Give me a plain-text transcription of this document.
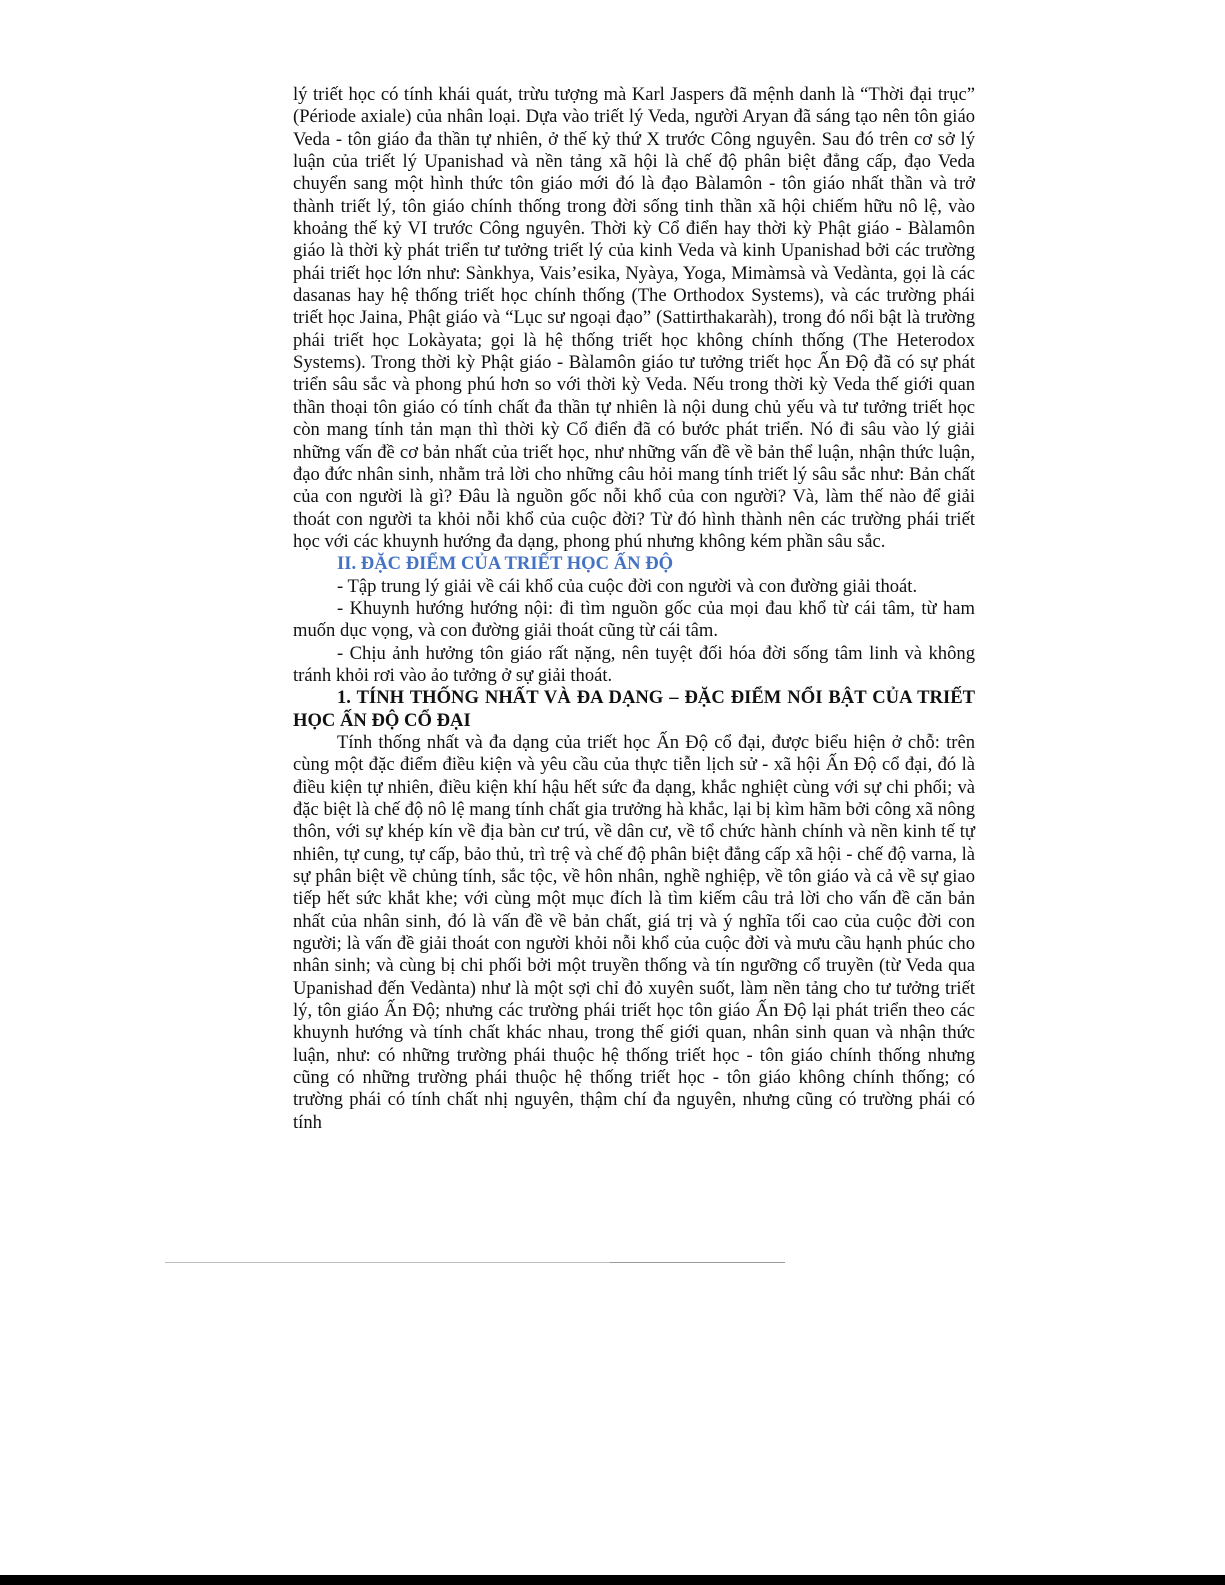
lý triết học có tính khái quát, trừu tượng mà Karl Jaspers đã mệnh danh là “Thời đại trục” (Période axiale) của nhân loại. Dựa vào triết lý Veda, người Aryan đã sáng tạo nên tôn giáo Veda - tôn giáo đa thần tự nhiên, ở thế kỷ thứ X trước Công nguyên. Sau đó trên cơ sở lý luận của triết lý Upanishad và nền tảng xã hội là chế độ phân biệt đẳng cấp, đạo Veda chuyển sang một hình thức tôn giáo mới đó là đạo Bàlamôn - tôn giáo nhất thần và trở thành triết lý, tôn giáo chính thống trong đời sống tinh thần xã hội chiếm hữu nô lệ, vào khoảng thế kỷ VI trước Công nguyên. Thời kỳ Cổ điển hay thời kỳ Phật giáo - Bàlamôn giáo là thời kỳ phát triển tư tưởng triết lý của kinh Veda và kinh Upanishad bởi các trường phái triết học lớn như: Sànkhya, Vais’esika, Nyàya, Yoga, Mimàmsà và Vedànta, gọi là các dasanas hay hệ thống triết học chính thống (The Orthodox Systems), và các trường phái triết học Jaina, Phật giáo và “Lục sư ngoại đạo” (Sattirthakaràh), trong đó nổi bật là trường phái triết học Lokàyata; gọi là hệ thống triết học không chính thống (The Heterodox Systems). Trong thời kỳ Phật giáo - Bàlamôn giáo tư tưởng triết học Ấn Độ đã có sự phát triển sâu sắc và phong phú hơn so với thời kỳ Veda. Nếu trong thời kỳ Veda thế giới quan thần thoại tôn giáo có tính chất đa thần tự nhiên là nội dung chủ yếu và tư tưởng triết học còn mang tính tản mạn thì thời kỳ Cổ điển đã có bước phát triển. Nó đi sâu vào lý giải những vấn đề cơ bản nhất của triết học, như những vấn đề về bản thể luận, nhận thức luận, đạo đức nhân sinh, nhằm trả lời cho những câu hỏi mang tính triết lý sâu sắc như: Bản chất của con người là gì? Đâu là nguồn gốc nỗi khổ của con người? Và, làm thế nào để giải thoát con người ta khỏi nỗi khổ của cuộc đời? Từ đó hình thành nên các trường phái triết học với các khuynh hướng đa dạng, phong phú nhưng không kém phần sâu sắc.

II. ĐẶC ĐIỂM CỦA TRIẾT HỌC ẤN ĐỘ

- Tập trung lý giải về cái khổ của cuộc đời con người và con đường giải thoát.

- Khuynh hướng hướng nội: đi tìm nguồn gốc của mọi đau khổ từ cái tâm, từ ham muốn dục vọng, và con đường giải thoát cũng từ cái tâm.

- Chịu ảnh hưởng tôn giáo rất nặng, nên tuyệt đối hóa đời sống tâm linh và không tránh khỏi rơi vào ảo tưởng ở sự giải thoát.

1. TÍNH THỐNG NHẤT VÀ ĐA DẠNG – ĐẶC ĐIỂM NỔI BẬT CỦA TRIẾT HỌC ẤN ĐỘ CỔ ĐẠI

Tính thống nhất và đa dạng của triết học Ấn Độ cổ đại, được biểu hiện ở chỗ: trên cùng một đặc điểm điều kiện và yêu cầu của thực tiễn lịch sử - xã hội Ấn Độ cổ đại, đó là điều kiện tự nhiên, điều kiện khí hậu hết sức đa dạng, khắc nghiệt cùng với sự chi phối; và đặc biệt là chế độ nô lệ mang tính chất gia trưởng hà khắc, lại bị kìm hãm bởi công xã nông thôn, với sự khép kín về địa bàn cư trú, về dân cư, về tổ chức hành chính và nền kinh tế tự nhiên, tự cung, tự cấp, bảo thủ, trì trệ và chế độ phân biệt đẳng cấp xã hội - chế độ varna, là sự phân biệt về chủng tính, sắc tộc, về hôn nhân, nghề nghiệp, về tôn giáo và cả về sự giao tiếp hết sức khắt khe; với cùng một mục đích là tìm kiếm câu trả lời cho vấn đề căn bản nhất của nhân sinh, đó là vấn đề về bản chất, giá trị và ý nghĩa tối cao của cuộc đời con người; là vấn đề giải thoát con người khỏi nỗi khổ của cuộc đời và mưu cầu hạnh phúc cho nhân sinh; và cùng bị chi phối bởi một truyền thống và tín ngưỡng cổ truyền (từ Veda qua Upanishad đến Vedànta) như là một sợi chỉ đỏ xuyên suốt, làm nền tảng cho tư tưởng triết lý, tôn giáo Ấn Độ; nhưng các trường phái triết học tôn giáo Ấn Độ lại phát triển theo các khuynh hướng và tính chất khác nhau, trong thế giới quan, nhân sinh quan và nhận thức luận, như: có những trường phái thuộc hệ thống triết học - tôn giáo chính thống nhưng cũng có những trường phái thuộc hệ thống triết học - tôn giáo không chính thống; có trường phái có tính chất nhị nguyên, thậm chí đa nguyên, nhưng cũng có trường phái có tính
